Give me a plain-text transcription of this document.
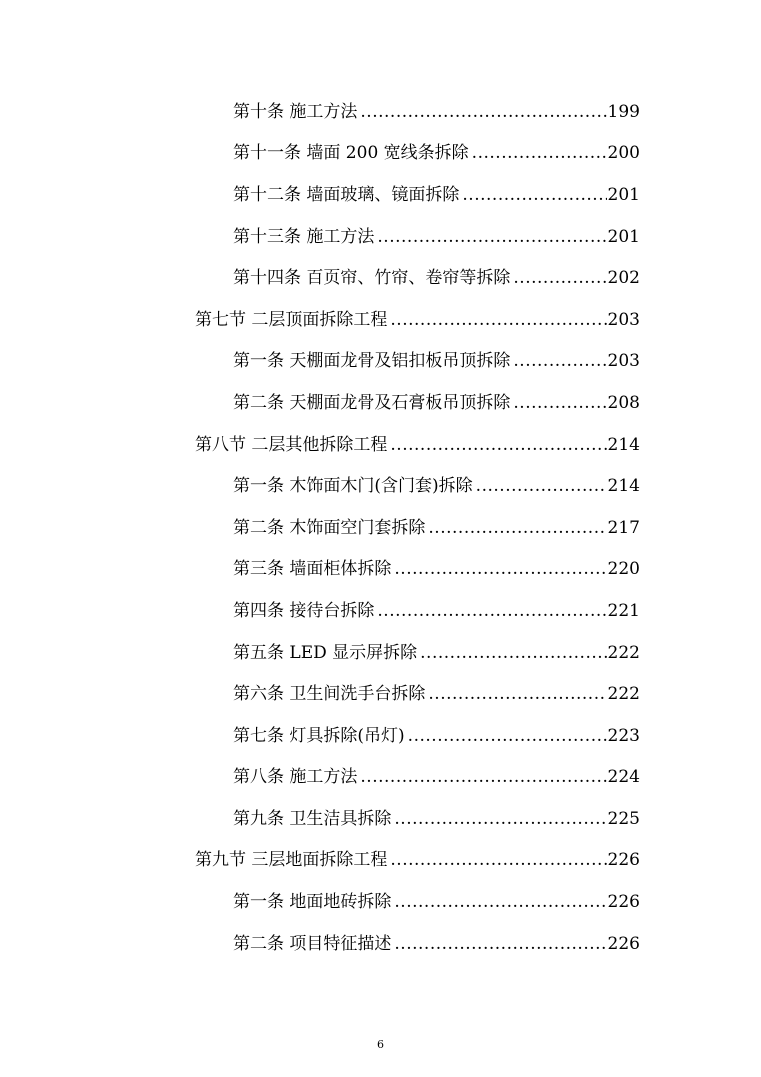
第十条 施工方法 .....	199
第十一条 墙面 200 宽线条拆除 .....	200
第十二条 墙面玻璃、镜面拆除 .....	201
第十三条 施工方法 .....	201
第十四条 百页帘、竹帘、卷帘等拆除 .....	202
第七节 二层顶面拆除工程 .....	203
第一条 天棚面龙骨及铝扣板吊顶拆除 .....	203
第二条 天棚面龙骨及石膏板吊顶拆除 .....	208
第八节 二层其他拆除工程 .....	214
第一条 木饰面木门(含门套)拆除 .....	214
第二条 木饰面空门套拆除 .....	217
第三条 墙面柜体拆除 .....	220
第四条 接待台拆除 .....	221
第五条 LED 显示屏拆除 .....	222
第六条 卫生间洗手台拆除 .....	222
第七条 灯具拆除(吊灯) .....	223
第八条 施工方法 .....	224
第九条 卫生洁具拆除 .....	225
第九节 三层地面拆除工程 .....	226
第一条 地面地砖拆除 .....	226
第二条 项目特征描述 .....	226
6
